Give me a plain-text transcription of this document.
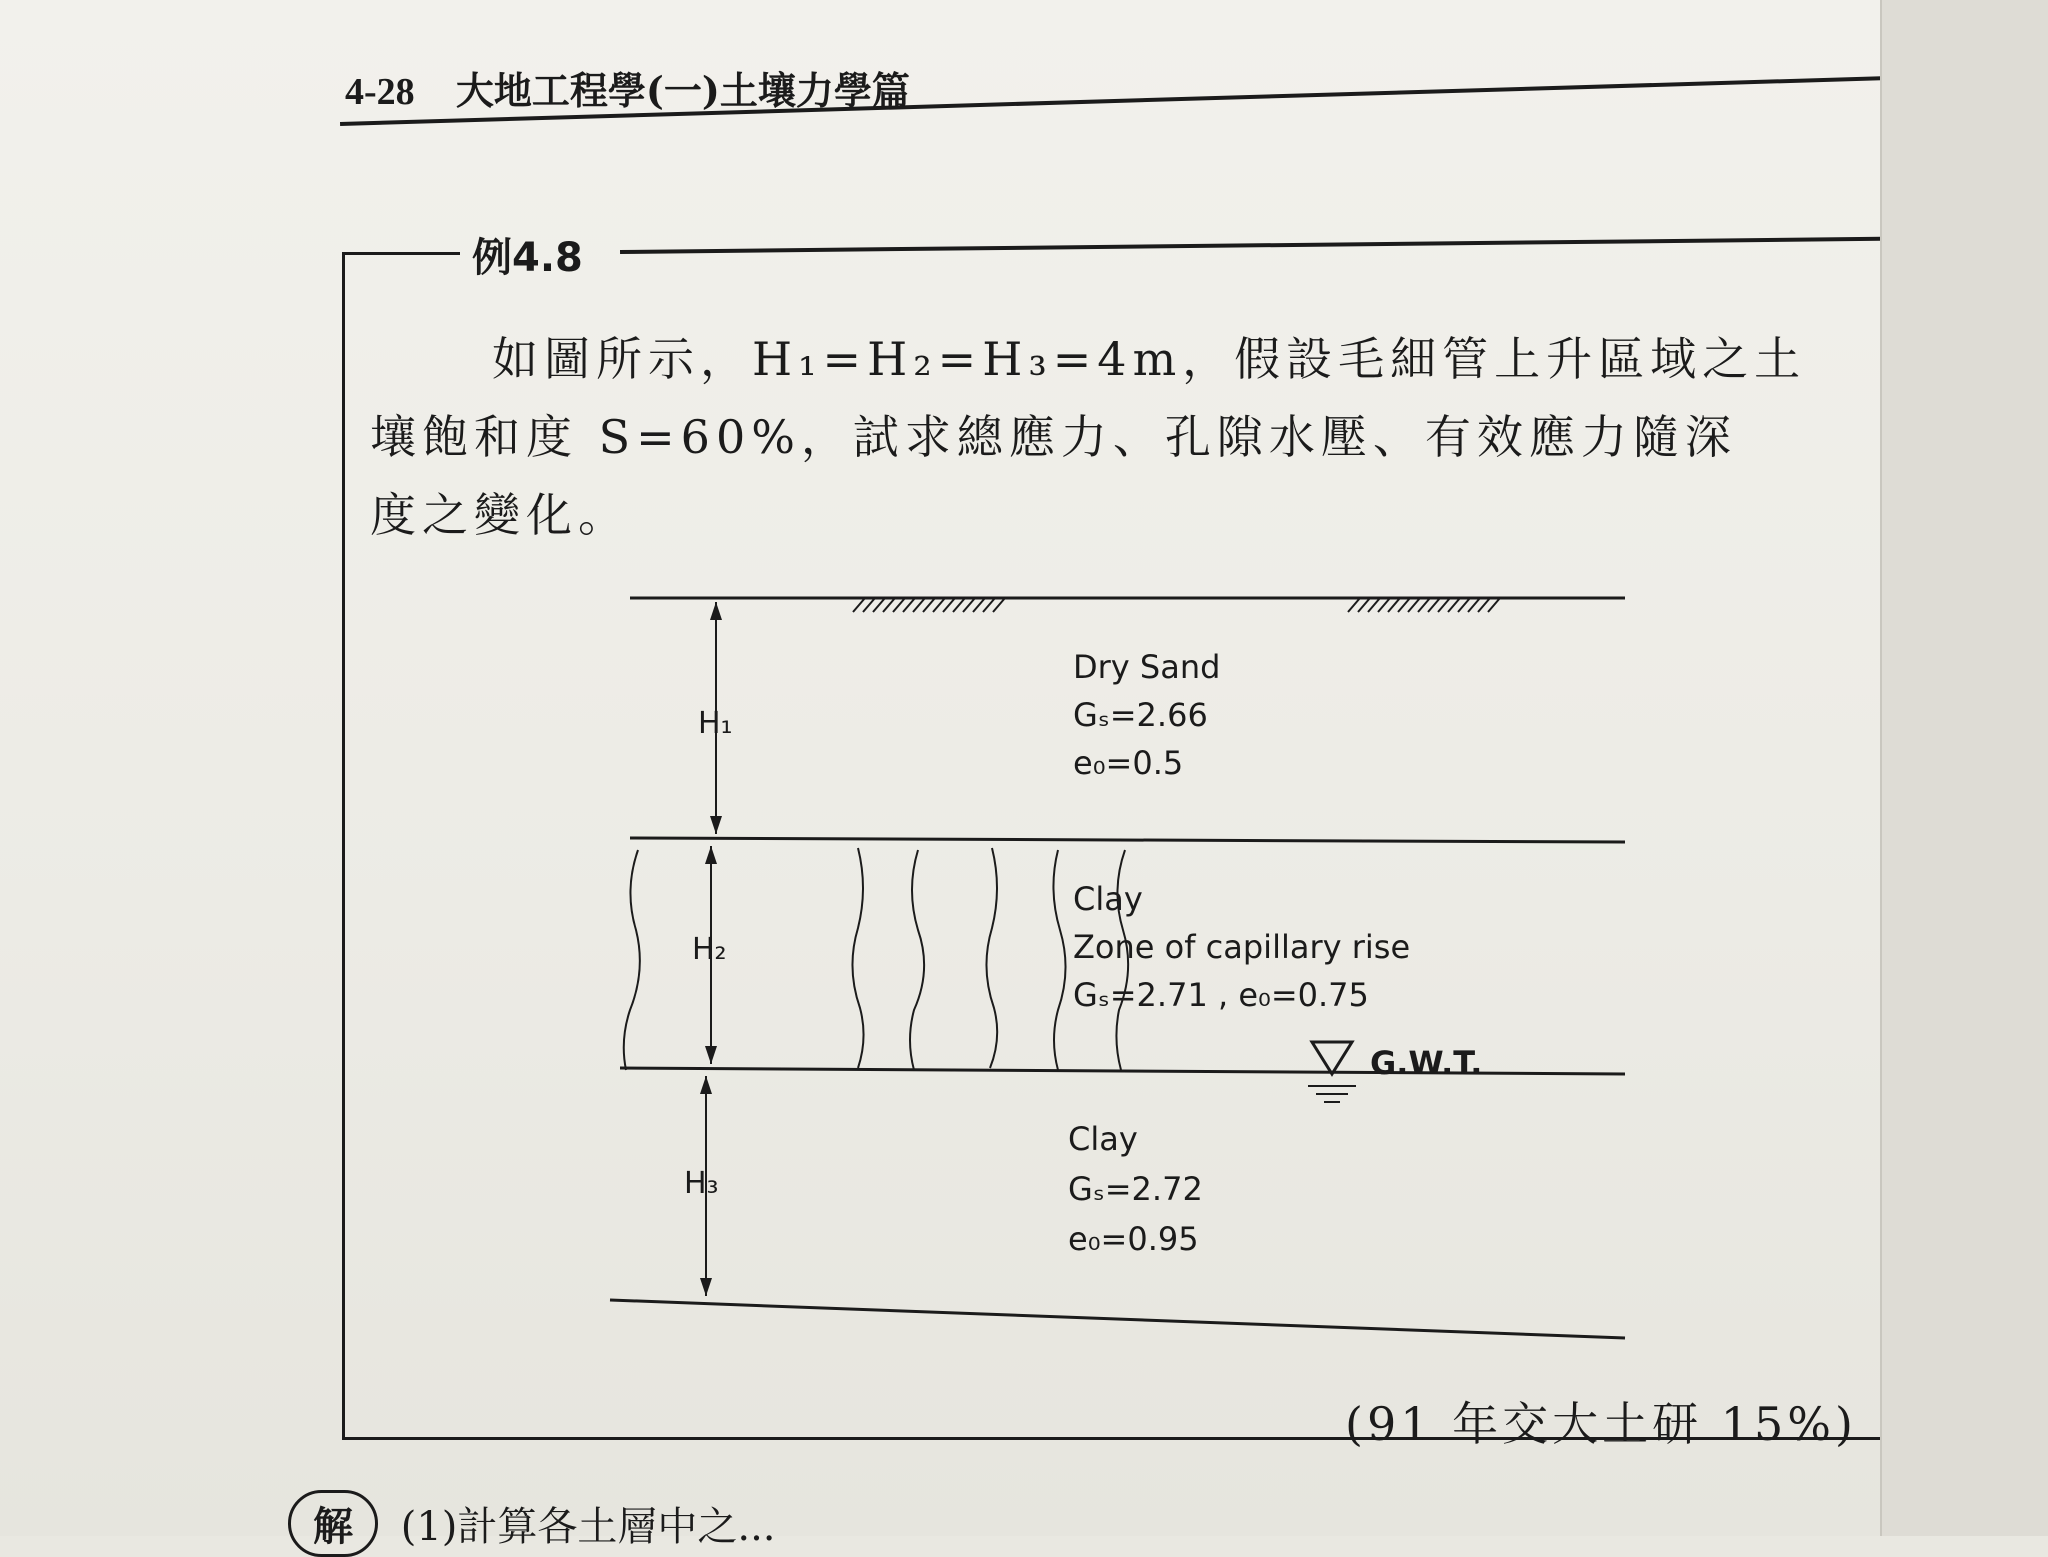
4-28 大地工程學(一)土壤力學篇
例4.8
如圖所示，H₁=H₂=H₃=4m，假設毛細管上升區域之土
壤飽和度 S=60%，試求總應力、孔隙水壓、有效應力隨深
度之變化。
H₁
H₂
H₃
Dry Sand
Gₛ=2.66
e₀=0.5
Clay
Zone of capillary rise
Gₛ=2.71 , e₀=0.75
G.W.T.
Clay
Gₛ=2.72
e₀=0.95
(91 年交大土研 15%)
解 (1)計算各土層中之...
